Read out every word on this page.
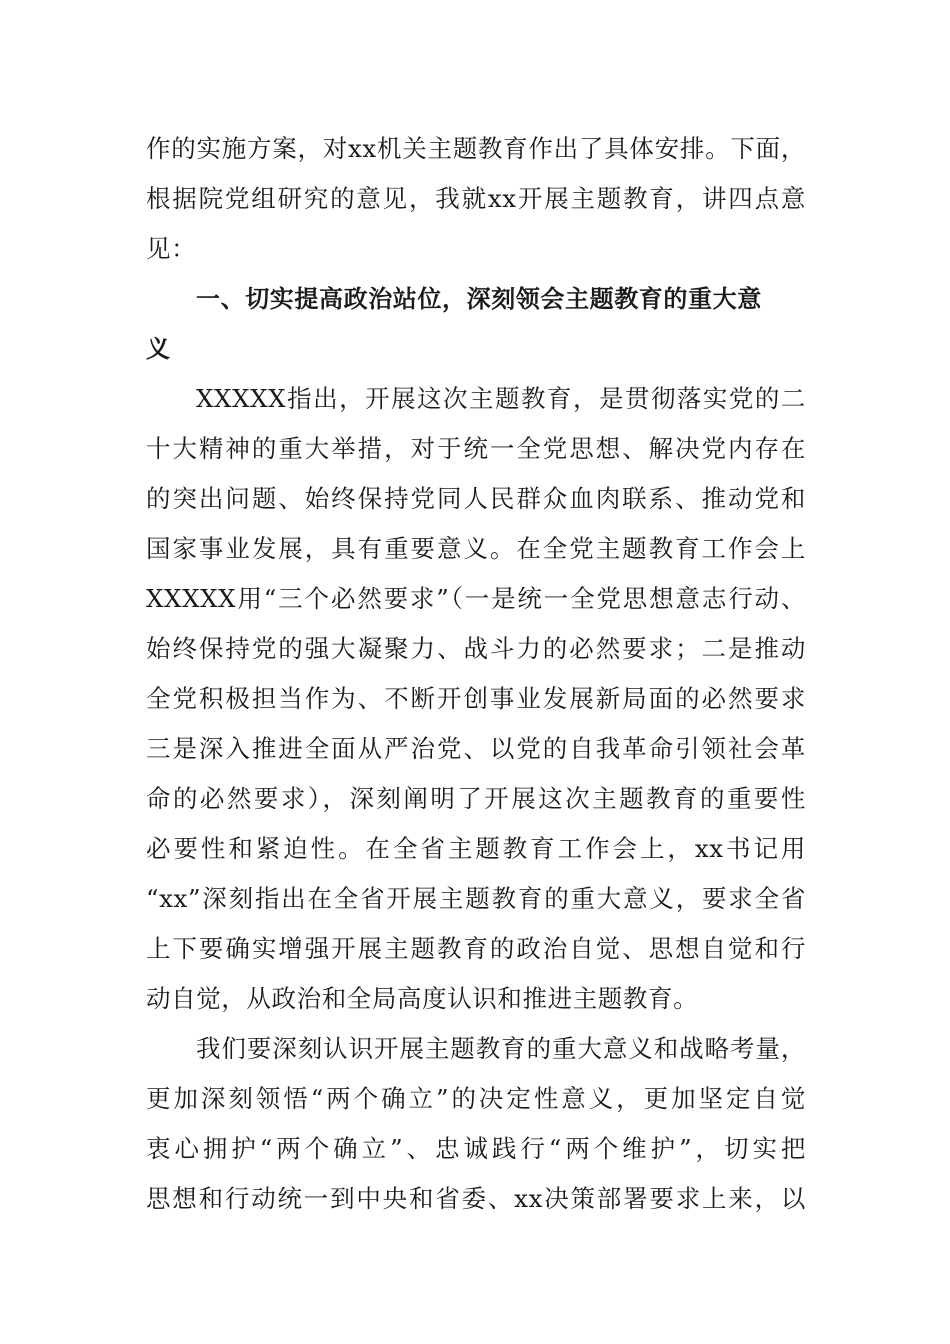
作的实施方案，对xx机关主题教育作出了具体安排。下面，
根据院党组研究的意见，我就xx开展主题教育，讲四点意
见：
一、切实提高政治站位，深刻领会主题教育的重大意
义
XXXXX指出，开展这次主题教育，是贯彻落实党的二
十大精神的重大举措，对于统一全党思想、解决党内存在
的突出问题、始终保持党同人民群众血肉联系、推动党和
国家事业发展，具有重要意义。在全党主题教育工作会上
XXXXX用“三个必然要求”（一是统一全党思想意志行动、
始终保持党的强大凝聚力、战斗力的必然要求；二是推动
全党积极担当作为、不断开创事业发展新局面的必然要求
三是深入推进全面从严治党、以党的自我革命引领社会革
命的必然要求），深刻阐明了开展这次主题教育的重要性
必要性和紧迫性。在全省主题教育工作会上，xx书记用
“xx”深刻指出在全省开展主题教育的重大意义，要求全省
上下要确实增强开展主题教育的政治自觉、思想自觉和行
动自觉，从政治和全局高度认识和推进主题教育。
我们要深刻认识开展主题教育的重大意义和战略考量，
更加深刻领悟“两个确立”的决定性意义，更加坚定自觉
衷心拥护“两个确立”、忠诚践行“两个维护”，切实把
思想和行动统一到中央和省委、xx决策部署要求上来，以
